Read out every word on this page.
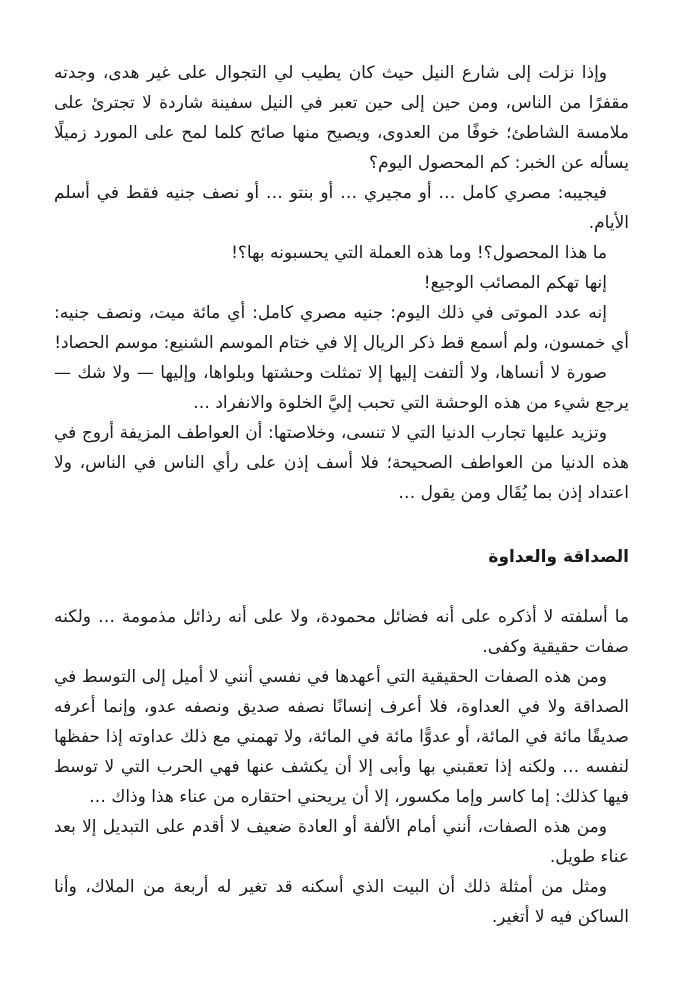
وإذا نزلت إلى شارع النيل حيث كان يطيب لي التجوال على غير هدى، وجدته مقفرًا من الناس، ومن حين إلى حين تعبر في النيل سفينة شاردة لا تجترئ على ملامسة الشاطئ؛ خوفًا من العدوى، ويصيح منها صائح كلما لمح على المورد زميلًا يسأله عن الخبر: كم المحصول اليوم؟

فيجيبه: مصري كامل … أو مجيري … أو بنتو … أو نصف جنيه فقط في أسلم الأيام.

ما هذا المحصول؟! وما هذه العملة التي يحسبونه بها؟!

إنها تهكم المصائب الوجيع!

إنه عدد الموتى في ذلك اليوم: جنيه مصري كامل: أي مائة ميت، ونصف جنيه: أي خمسون، ولم أسمع قط ذكر الريال إلا في ختام الموسم الشنيع: موسم الحصاد!

صورة لا أنساها، ولا ألتفت إليها إلا تمثلت وحشتها وبلواها، وإليها — ولا شك — يرجع شيء من هذه الوحشة التي تحبب إليَّ الخلوة والانفراد …

وتزيد عليها تجارب الدنيا التي لا تنسى، وخلاصتها: أن العواطف المزيفة أروج في هذه الدنيا من العواطف الصحيحة؛ فلا أسف إذن على رأي الناس في الناس، ولا اعتداد إذن بما يُقَال ومن يقول …

الصداقة والعداوة

ما أسلفته لا أذكره على أنه فضائل محمودة، ولا على أنه رذائل مذمومة … ولكنه صفات حقيقية وكفى.

ومن هذه الصفات الحقيقية التي أعهدها في نفسي أنني لا أميل إلى التوسط في الصداقة ولا في العداوة، فلا أعرف إنسانًا نصفه صديق ونصفه عدو، وإنما أعرفه صديقًا مائة في المائة، أو عدوًّا مائة في المائة، ولا تهمني مع ذلك عداوته إذا حفظها لنفسه … ولكنه إذا تعقبني بها وأبى إلا أن يكشف عنها فهي الحرب التي لا توسط فيها كذلك: إما كاسر وإما مكسور، إلا أن يريحني احتقاره من عناء هذا وذاك …

ومن هذه الصفات، أنني أمام الألفة أو العادة ضعيف لا أقدم على التبديل إلا بعد عناء طويل.

ومثل من أمثلة ذلك أن البيت الذي أسكنه قد تغير له أربعة من الملاك، وأنا الساكن فيه لا أتغير.
